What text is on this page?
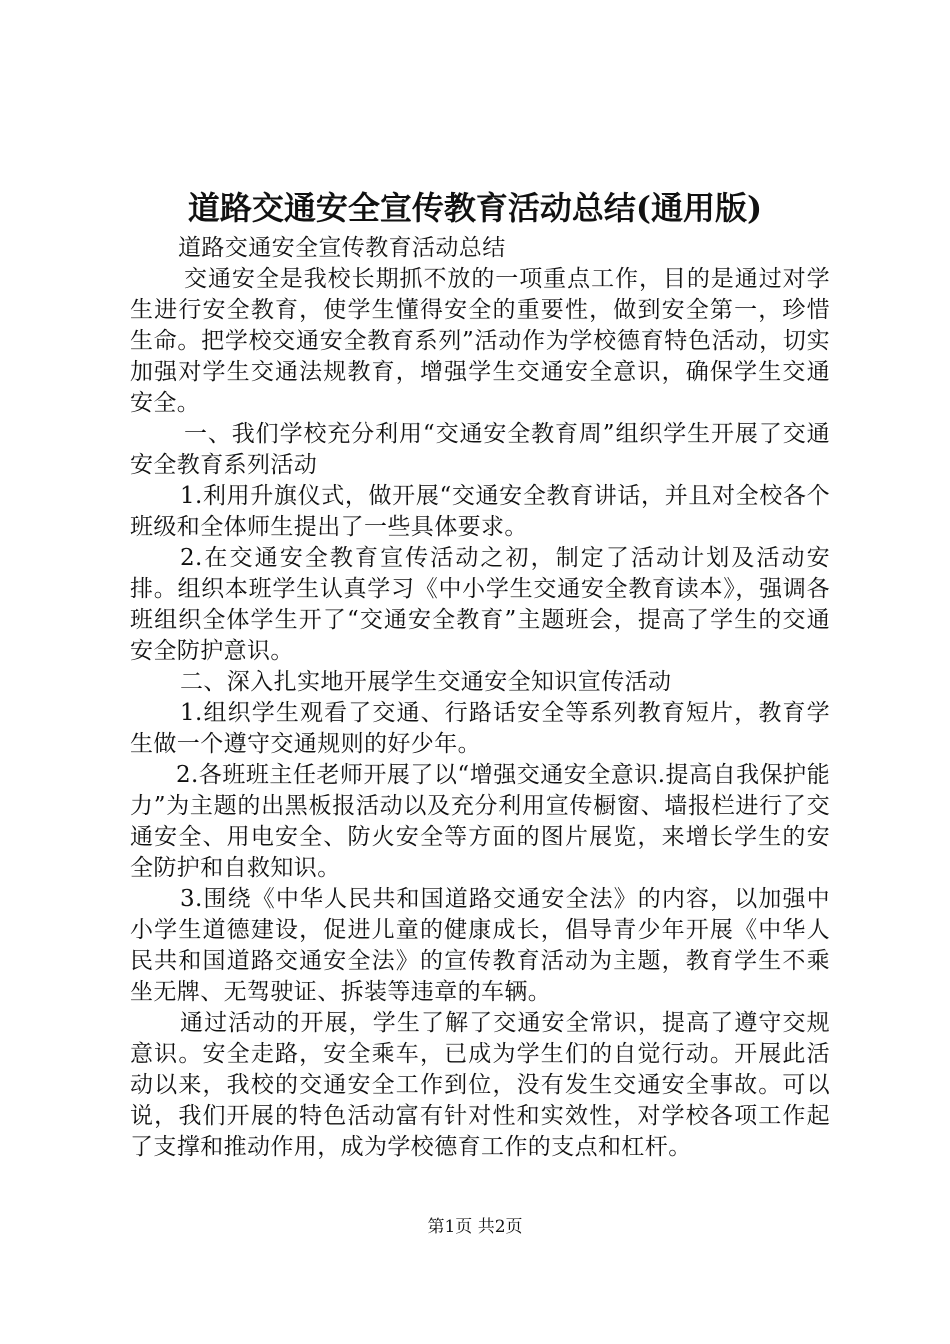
道路交通安全宣传教育活动总结(通用版)

道路交通安全宣传教育活动总结

交通安全是我校长期抓不放的一项重点工作，目的是通过对学生进行安全教育，使学生懂得安全的重要性，做到安全第一，珍惜生命。把学校交通安全教育系列”活动作为学校德育特色活动，切实加强对学生交通法规教育，增强学生交通安全意识，确保学生交通安全。

一、我们学校充分利用“交通安全教育周”组织学生开展了交通安全教育系列活动

1.利用升旗仪式，做开展“交通安全教育讲话，并且对全校各个班级和全体师生提出了一些具体要求。

2.在交通安全教育宣传活动之初，制定了活动计划及活动安排。组织本班学生认真学习《中小学生交通安全教育读本》，强调各班组织全体学生开了“交通安全教育”主题班会，提高了学生的交通安全防护意识。

二、深入扎实地开展学生交通安全知识宣传活动

1.组织学生观看了交通、行路话安全等系列教育短片，教育学生做一个遵守交通规则的好少年。

2.各班班主任老师开展了以“增强交通安全意识.提高自我保护能力”为主题的出黑板报活动以及充分利用宣传橱窗、墙报栏进行了交通安全、用电安全、防火安全等方面的图片展览，来增长学生的安全防护和自救知识。

3.围绕《中华人民共和国道路交通安全法》的内容，以加强中小学生道德建设，促进儿童的健康成长，倡导青少年开展《中华人民共和国道路交通安全法》的宣传教育活动为主题，教育学生不乘坐无牌、无驾驶证、拆装等违章的车辆。

通过活动的开展，学生了解了交通安全常识，提高了遵守交规意识。安全走路，安全乘车，已成为学生们的自觉行动。开展此活动以来，我校的交通安全工作到位，没有发生交通安全事故。可以说，我们开展的特色活动富有针对性和实效性，对学校各项工作起了支撑和推动作用，成为学校德育工作的支点和杠杆。

第1页 共2页
